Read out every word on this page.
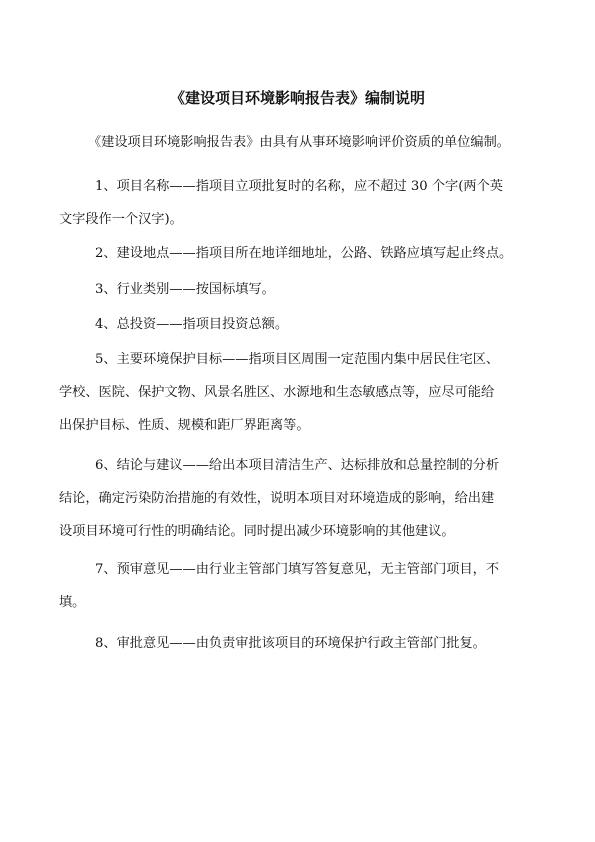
《建设项目环境影响报告表》编制说明
《建设项目环境影响报告表》由具有从事环境影响评价资质的单位编制。
1、项目名称——指项目立项批复时的名称，应不超过 30 个字(两个英
文字段作一个汉字)。
2、建设地点——指项目所在地详细地址，公路、铁路应填写起止终点。
3、行业类别——按国标填写。
4、总投资——指项目投资总额。
5、主要环境保护目标——指项目区周围一定范围内集中居民住宅区、
学校、医院、保护文物、风景名胜区、水源地和生态敏感点等，应尽可能给
出保护目标、性质、规模和距厂界距离等。
6、结论与建议——给出本项目清洁生产、达标排放和总量控制的分析
结论，确定污染防治措施的有效性，说明本项目对环境造成的影响，给出建
设项目环境可行性的明确结论。同时提出减少环境影响的其他建议。
7、预审意见——由行业主管部门填写答复意见，无主管部门项目，不
填。
8、审批意见——由负责审批该项目的环境保护行政主管部门批复。
